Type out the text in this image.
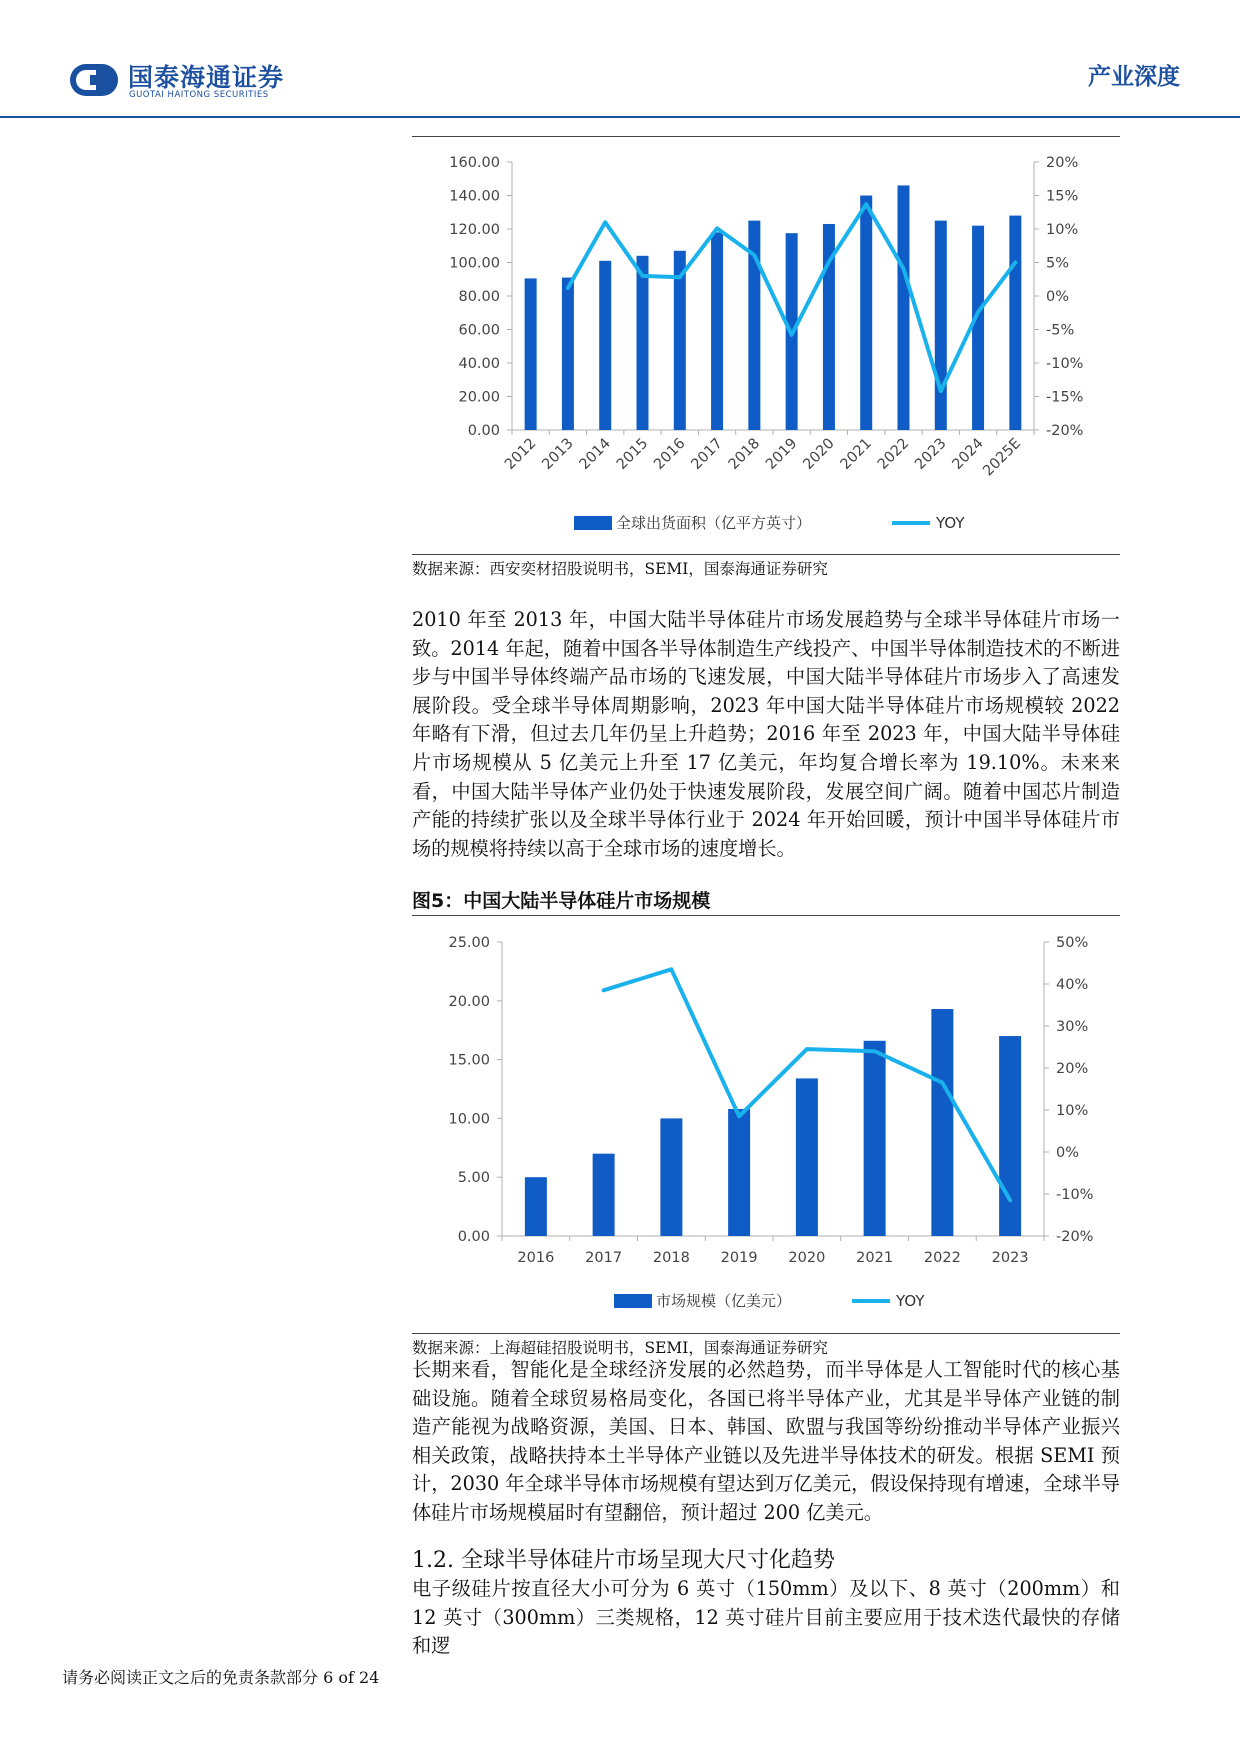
国泰海通证券
GUOTAI HAITONG SECURITIES
产业深度
0.00
20.00
40.00
60.00
80.00
100.00
120.00
140.00
160.00
-20%
-15%
-10%
-5%
0%
5%
10%
15%
20%
2012 2013 2014 2015 2016 2017 2018 2019 2020 2021 2022 2023 2024
2025E
全球出货面积（亿平方英寸）	YOY
数据来源：西安奕材招股说明书，SEMI，国泰海通证券研究

2010 年至 2013 年，中国大陆半导体硅片市场发展趋势与全球半导体硅片市场一致。2014 年起，随着中国各半导体制造生产线投产、中国半导体制造技术的不断进步与中国半导体终端产品市场的飞速发展，中国大陆半导体硅片市场步入了高速发展阶段。受全球半导体周期影响，2023 年中国大陆半导体硅片市场规模较 2022 年略有下滑，但过去几年仍呈上升趋势；2016 年至 2023 年，中国大陆半导体硅片市场规模从 5 亿美元上升至 17 亿美元，年均复合增长率为 19.10%。未来来看，中国大陆半导体产业仍处于快速发展阶段，发展空间广阔。随着中国芯片制造产能的持续扩张以及全球半导体行业于 2024 年开始回暖，预计中国半导体硅片市场的规模将持续以高于全球市场的速度增长。

图5：中国大陆半导体硅片市场规模
0.00
5.00
10.00
15.00
20.00
25.00
-20%
-10%
0%
10%
20%
30%
40%
50%
2016 2017 2018 2019 2020 2021 2022 2023
市场规模（亿美元）	YOY
数据来源：上海超硅招股说明书，SEMI，国泰海通证券研究

长期来看，智能化是全球经济发展的必然趋势，而半导体是人工智能时代的核心基础设施。随着全球贸易格局变化，各国已将半导体产业，尤其是半导体产业链的制造产能视为战略资源，美国、日本、韩国、欧盟与我国等纷纷推动半导体产业振兴相关政策，战略扶持本土半导体产业链以及先进半导体技术的研发。根据 SEMI 预计，2030 年全球半导体市场规模有望达到万亿美元，假设保持现有增速，全球半导体硅片市场规模届时有望翻倍，预计超过 200 亿美元。

1.2. 全球半导体硅片市场呈现大尺寸化趋势

电子级硅片按直径大小可分为 6 英寸（150mm）及以下、8 英寸（200mm）和 12 英寸（300mm）三类规格，12 英寸硅片目前主要应用于技术迭代最快的存储和逻

请务必阅读正文之后的免责条款部分 6 of 24
